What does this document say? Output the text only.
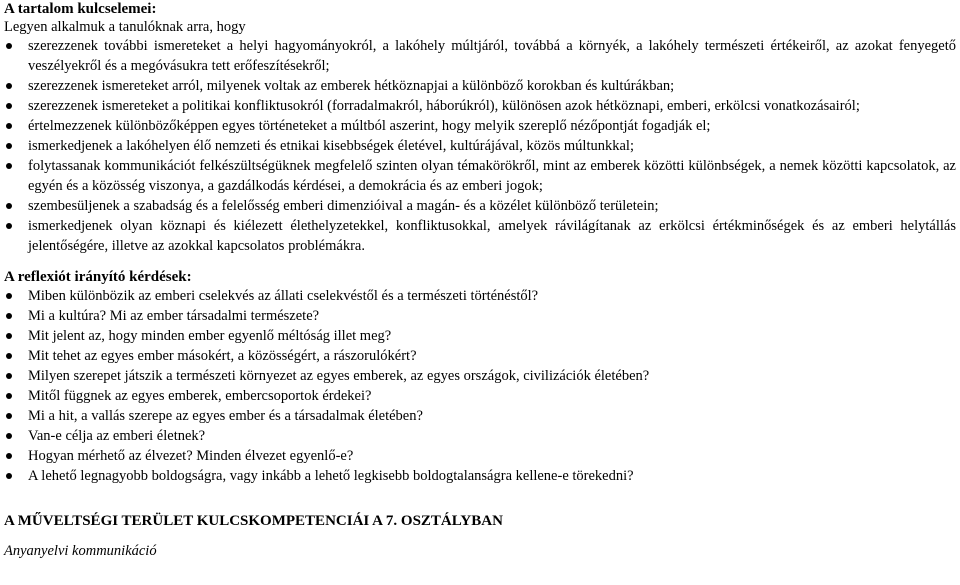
A tartalom kulcselemei:

Legyen alkalmuk a tanulóknak arra, hogy

szerezzenek további ismereteket a helyi hagyományokról, a lakóhely múltjáról, továbbá a környék, a lakóhely természeti értékeiről, az azokat fenyegető veszélyekről és a megóvásukra tett erőfeszítésekről;
szerezzenek ismereteket arról, milyenek voltak az emberek hétköznapjai a különböző korokban és kultúrákban;
szerezzenek ismereteket a politikai konfliktusokról (forradalmakról, háborúkról), különösen azok hétköznapi, emberi, erkölcsi vonatkozásairól;
értelmezzenek különbözőképpen egyes történeteket a múltból aszerint, hogy melyik szereplő nézőpontját fogadják el;
ismerkedjenek a lakóhelyen élő nemzeti és etnikai kisebbségek életével, kultúrájával, közös múltunkkal;
folytassanak kommunikációt felkészültségüknek megfelelő szinten olyan témakörökről, mint az emberek közötti különbségek, a nemek közötti kapcsolatok, az egyén és a közösség viszonya, a gazdálkodás kérdései, a demokrácia és az emberi jogok;
szembesüljenek a szabadság és a felelősség emberi dimenzióival a magán- és a közélet különböző területein;
ismerkedjenek olyan köznapi és kiélezett élethelyzetekkel, konfliktusokkal, amelyek rávilágítanak az erkölcsi értékminőségek és az emberi helytállás jelentőségére, illetve az azokkal kapcsolatos problémákra.

A reflexiót irányító kérdések:

Miben különbözik az emberi cselekvés az állati cselekvéstől és a természeti történéstől?
Mi a kultúra? Mi az ember társadalmi természete?
Mit jelent az, hogy minden ember egyenlő méltóság illet meg?
Mit tehet az egyes ember másokért, a közösségért, a rászorulókért?
Milyen szerepet játszik a természeti környezet az egyes emberek, az egyes országok, civilizációk életében?
Mitől függnek az egyes emberek, embercsoportok érdekei?
Mi a hit, a vallás szerepe az egyes ember és a társadalmak életében?
Van-e célja az emberi életnek?
Hogyan mérhető az élvezet? Minden élvezet egyenlő-e?
A lehető legnagyobb boldogságra, vagy inkább a lehető legkisebb boldogtalanságra kellene-e törekedni?

A MŰVELTSÉGI TERÜLET KULCSKOMPETENCIÁI A 7. OSZTÁLYBAN

Anyanyelvi kommunikáció
